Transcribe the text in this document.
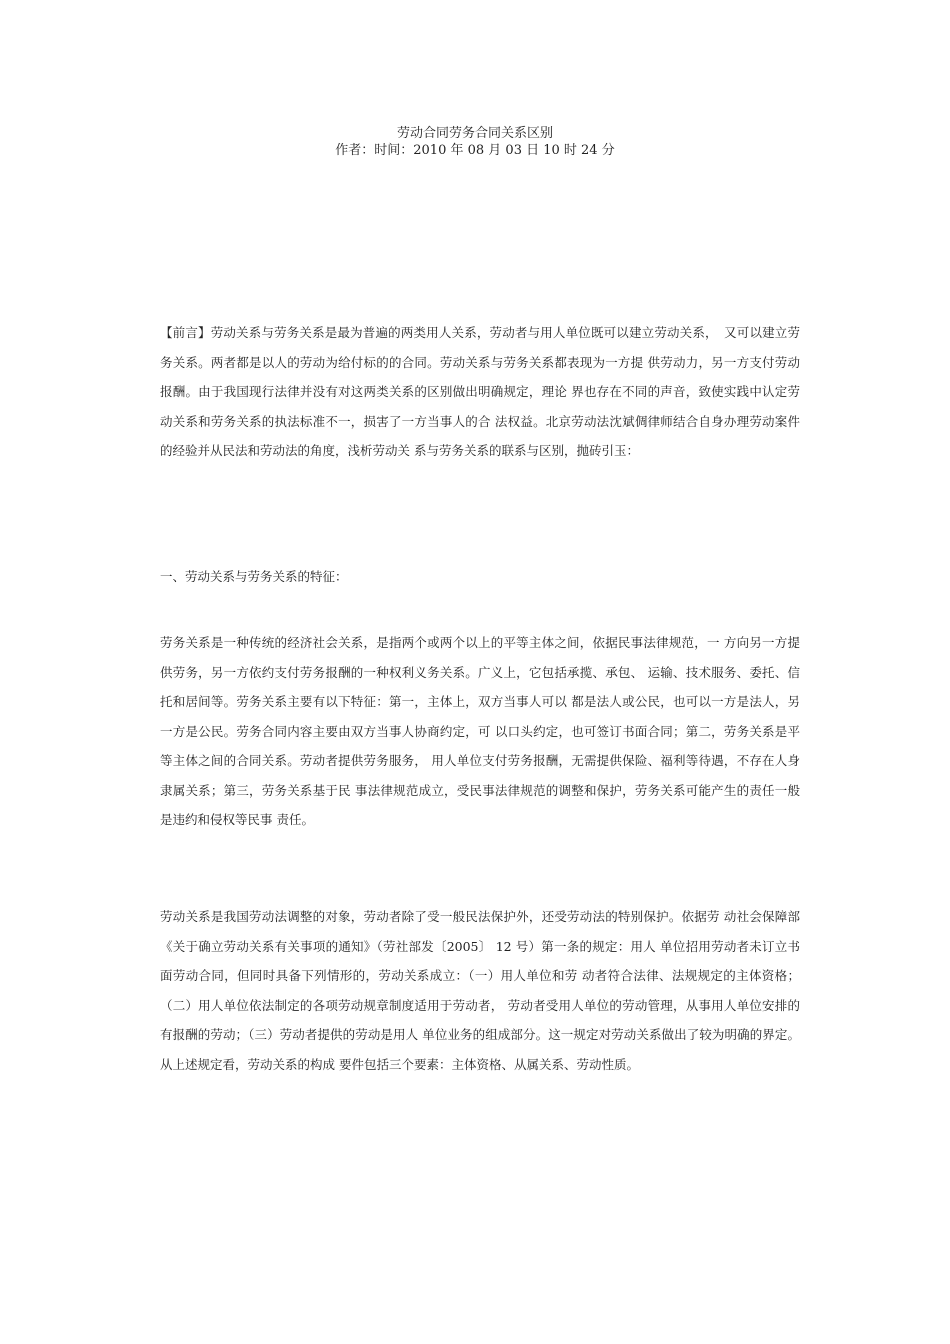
劳动合同劳务合同关系区别
作者：时间：2010 年 08 月 03 日 10 时 24 分
【前言】劳动关系与劳务关系是最为普遍的两类用人关系，劳动者与用人单位既可以建立劳动关系，　又可以建立劳务关系。两者都是以人的劳动为给付标的的合同。劳动关系与劳务关系都表现为一方提 供劳动力，另一方支付劳动报酬。由于我国现行法律并没有对这两类关系的区别做出明确规定，理论 界也存在不同的声音，致使实践中认定劳动关系和劳务关系的执法标准不一，损害了一方当事人的合 法权益。北京劳动法沈斌倜律师结合自身办理劳动案件的经验并从民法和劳动法的角度，浅析劳动关 系与劳务关系的联系与区别，抛砖引玉：
一、劳动关系与劳务关系的特征：
劳务关系是一种传统的经济社会关系，是指两个或两个以上的平等主体之间，依据民事法律规范，一 方向另一方提供劳务，另一方依约支付劳务报酬的一种权利义务关系。广义上，它包括承揽、承包、 运输、技术服务、委托、信托和居间等。劳务关系主要有以下特征：第一，主体上，双方当事人可以 都是法人或公民，也可以一方是法人，另一方是公民。劳务合同内容主要由双方当事人协商约定，可 以口头约定，也可签订书面合同；第二，劳务关系是平等主体之间的合同关系。劳动者提供劳务服务， 用人单位支付劳务报酬，无需提供保险、福利等待遇，不存在人身隶属关系；第三，劳务关系基于民 事法律规范成立，受民事法律规范的调整和保护，劳务关系可能产生的责任一般是违约和侵权等民事 责任。
劳动关系是我国劳动法调整的对象，劳动者除了受一般民法保护外，还受劳动法的特别保护。依据劳 动社会保障部《关于确立劳动关系有关事项的通知》（劳社部发〔2005〕 12 号）第一条的规定：用人 单位招用劳动者未订立书面劳动合同，但同时具备下列情形的，劳动关系成立：（一）用人单位和劳 动者符合法律、法规规定的主体资格；（二）用人单位依法制定的各项劳动规章制度适用于劳动者， 劳动者受用人单位的劳动管理，从事用人单位安排的有报酬的劳动；（三）劳动者提供的劳动是用人 单位业务的组成部分。这一规定对劳动关系做出了较为明确的界定。从上述规定看，劳动关系的构成 要件包括三个要素：主体资格、从属关系、劳动性质。
